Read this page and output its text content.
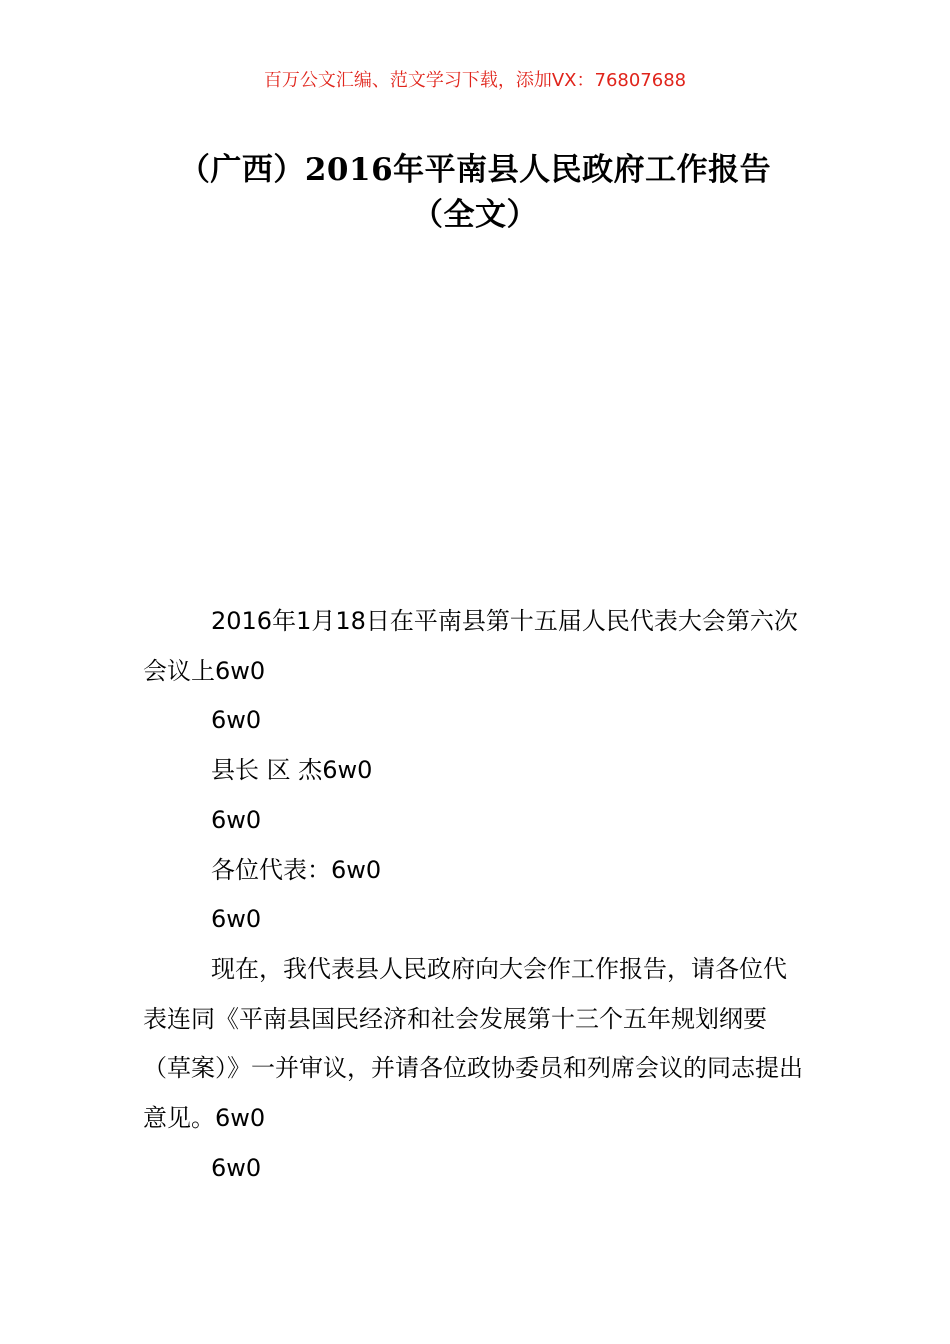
百万公文汇编、范文学习下载，添加VX：76807688
（广西）2016年平南县人民政府工作报告
（全文）

2016年1月18日在平南县第十五届人民代表大会第六次会议上6w0

6w0

县长 区 杰6w0

6w0

各位代表：6w0

6w0

现在，我代表县人民政府向大会作工作报告，请各位代表连同《平南县国民经济和社会发展第十三个五年规划纲要（草案）》一并审议，并请各位政协委员和列席会议的同志提出意见。6w0

6w0
